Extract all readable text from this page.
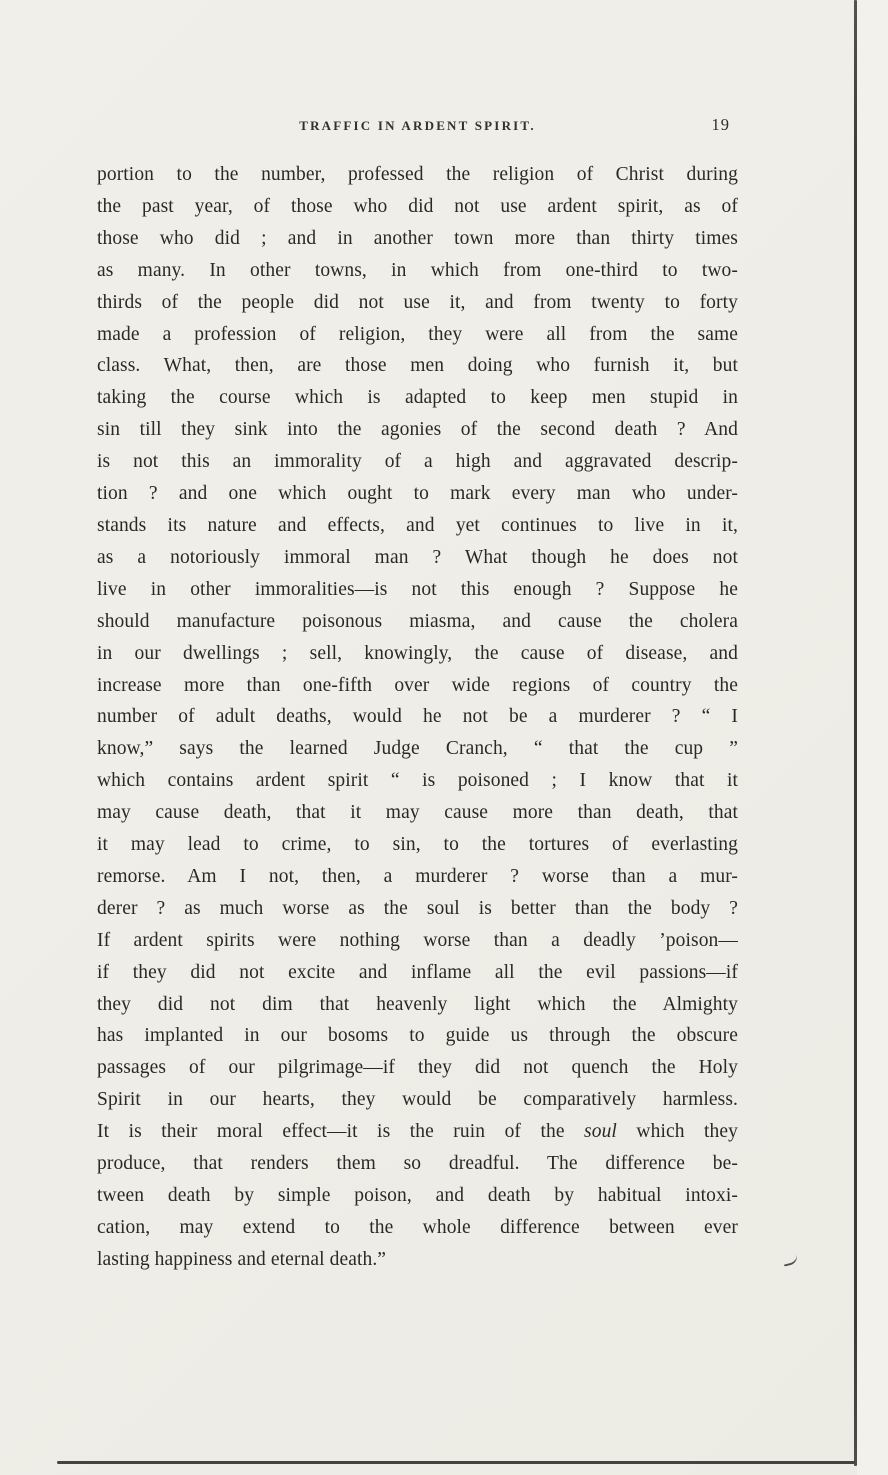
TRAFFIC IN ARDENT SPIRIT.	19
portion to the number, professed the religion of Christ during
the past year, of those who did not use ardent spirit, as of
those who did ; and in another town more than thirty times
as many. In other towns, in which from one-third to two-
thirds of the people did not use it, and from twenty to forty
made a profession of religion, they were all from the same
class. What, then, are those men doing who furnish it, but
taking the course which is adapted to keep men stupid in
sin till they sink into the agonies of the second death ? And
is not this an immorality of a high and aggravated descrip-
tion ? and one which ought to mark every man who under-
stands its nature and effects, and yet continues to live in it,
as a notoriously immoral man ? What though he does not
live in other immoralities—is not this enough ? Suppose he
should manufacture poisonous miasma, and cause the cholera
in our dwellings ; sell, knowingly, the cause of disease, and
increase more than one-fifth over wide regions of country the
number of adult deaths, would he not be a murderer ? “ I
know,” says the learned Judge Cranch, “ that the cup ”
which contains ardent spirit “ is poisoned ; I know that it
may cause death, that it may cause more than death, that
it may lead to crime, to sin, to the tortures of everlasting
remorse. Am I not, then, a murderer ? worse than a mur-
derer ? as much worse as the soul is better than the body ?
If ardent spirits were nothing worse than a deadly ’poison—
if they did not excite and inflame all the evil passions—if
they did not dim that heavenly light which the Almighty
has implanted in our bosoms to guide us through the obscure
passages of our pilgrimage—if they did not quench the Holy
Spirit in our hearts, they would be comparatively harmless.
It is their moral effect—it is the ruin of the soul which they
produce, that renders them so dreadful. The difference be-
tween death by simple poison, and death by habitual intoxi-
cation, may extend to the whole difference between ever
lasting happiness and eternal death.”
